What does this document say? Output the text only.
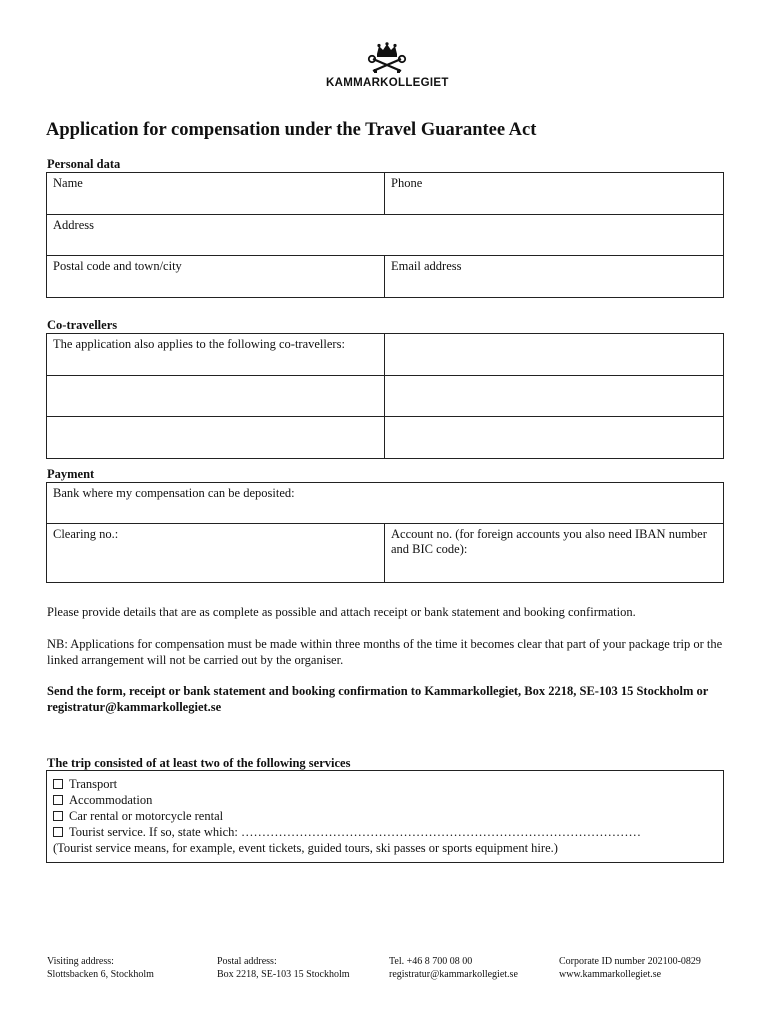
KAMMARKOLLEGIET
Application for compensation under the Travel Guarantee Act
Personal data
Name	Phone
Address	
Postal code and town/city	Email address
Co-travellers
The application also applies to the following co-travellers:	

Payment
Bank where my compensation can be deposited:
Clearing no.:	Account no. (for foreign accounts you also need IBAN number and BIC code):
Please provide details that are as complete as possible and attach receipt or bank statement and booking confirmation.
NB: Applications for compensation must be made within three months of the time it becomes clear that part of your package trip or the linked arrangement will not be carried out by the organiser.
Send the form, receipt or bank statement and booking confirmation to Kammarkollegiet, Box 2218, SE-103 15 Stockholm or registratur@kammarkollegiet.se
The trip consisted of at least two of the following services
Transport
Accommodation
Car rental or motorcycle rental
Tourist service. If so, state which: ……………………………………………………………………………………
(Tourist service means, for example, event tickets, guided tours, ski passes or sports equipment hire.)
Visiting address:
Slottsbacken 6, Stockholm
Postal address:
Box 2218, SE-103 15 Stockholm
Tel. +46 8 700 08 00
registratur@kammarkollegiet.se
Corporate ID number 202100-0829
www.kammarkollegiet.se
